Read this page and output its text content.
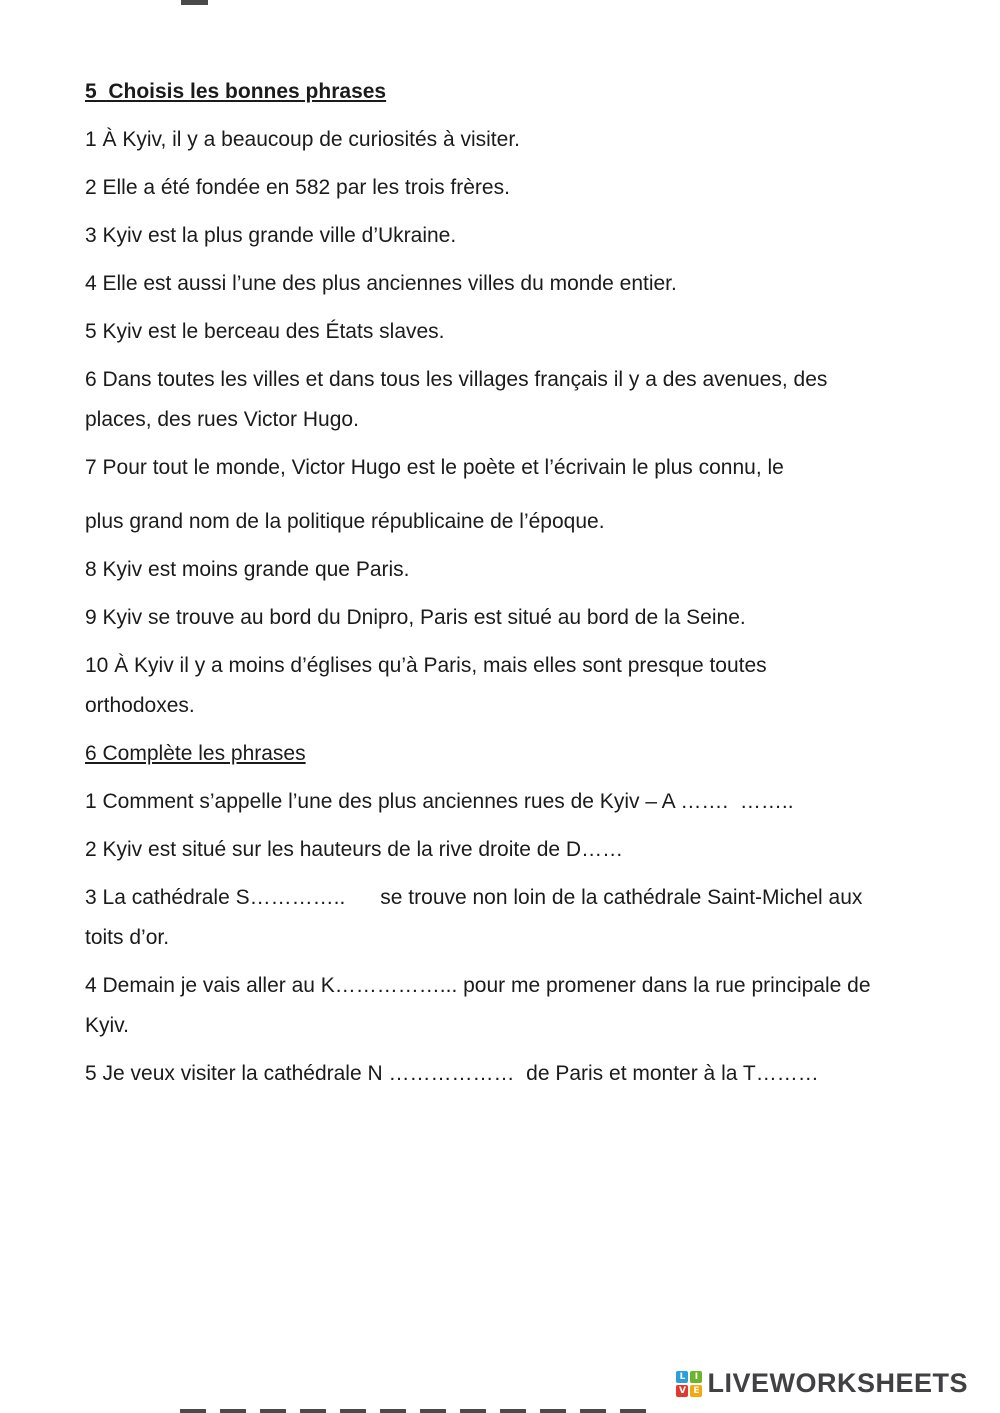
5  Choisis les bonnes phrases

1 À Kyiv, il y a beaucoup de curiosités à visiter.

2 Elle a été fondée en 582 par les trois frères.

3 Kyiv est la plus grande ville d’Ukraine.

4 Elle est aussi l’une des plus anciennes villes du monde entier.

5 Kyiv est le berceau des États slaves.

6 Dans toutes les villes et dans tous les villages français il y a des avenues, des

places, des rues Victor Hugo.

7 Pour tout le monde, Victor Hugo est le poète et l’écrivain le plus connu, le

plus grand nom de la politique républicaine de l’époque.

8 Kyiv est moins grande que Paris.

9 Kyiv se trouve au bord du Dnipro, Paris est situé au bord de la Seine.

10 À Kyiv il y a moins d’églises qu’à Paris, mais elles sont presque toutes

orthodoxes.

6 Complète les phrases

1 Comment s’appelle l’une des plus anciennes rues de Kyiv – A …….  ……..

2 Kyiv est situé sur les hauteurs de la rive droite de D……

3 La cathédrale S…………..      se trouve non loin de la cathédrale Saint-Michel aux

toits d’or.

4 Demain je vais aller au K……………... pour me promener dans la rue principale de

Kyiv.

5 Je veux visiter la cathédrale N ………………  de Paris et monter à la T………

L	I
V E LIVEWORKSHEETS
